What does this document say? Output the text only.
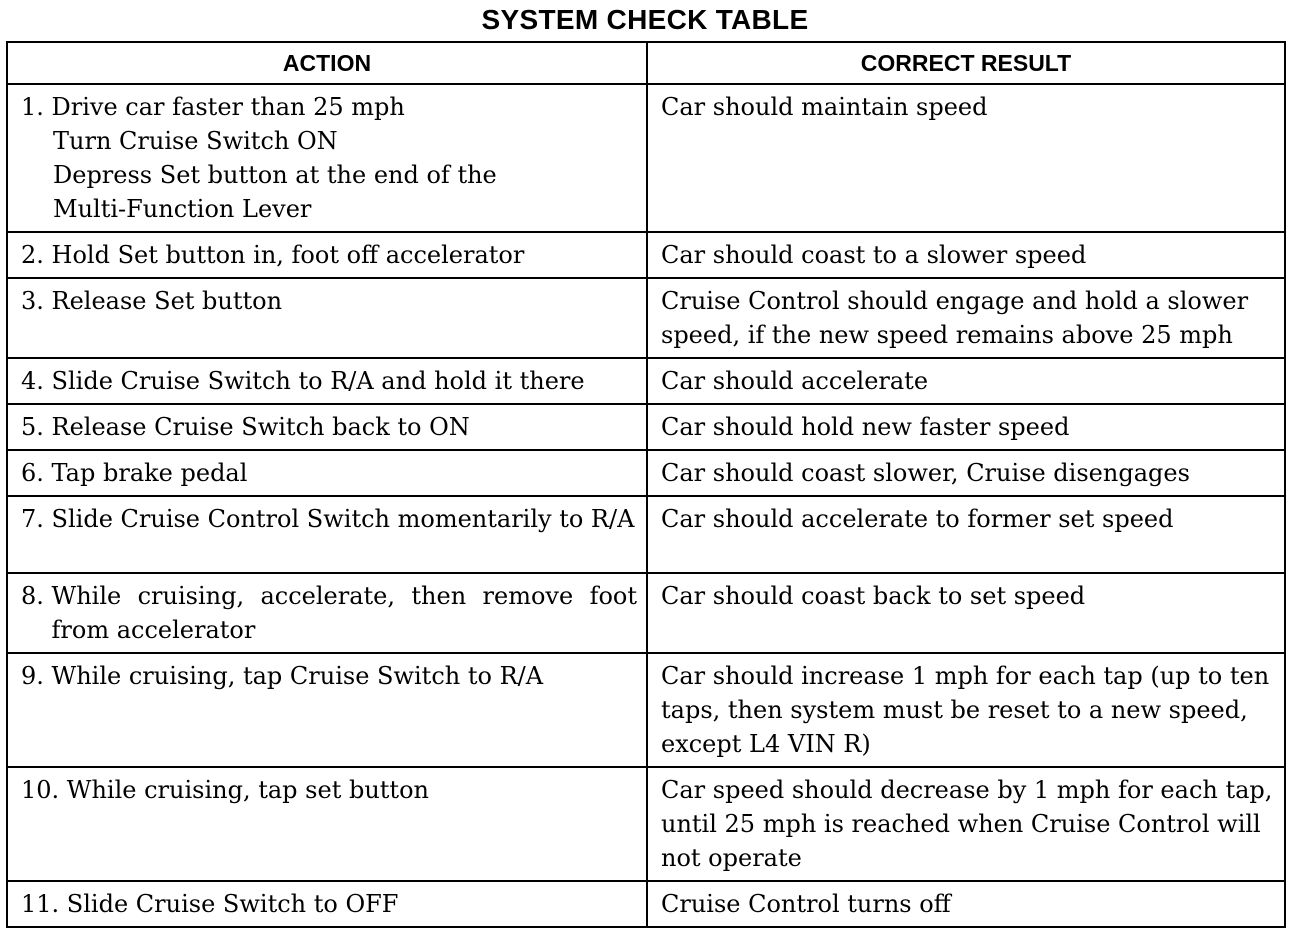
SYSTEM CHECK TABLE
ACTION	CORRECT RESULT

1. Drive car faster than 25 mph
Turn Cruise Switch ON
Depress Set button at the end of the
Multi-Function Lever	Car should maintain speed

2. Hold Set button in, foot off accelerator	Car should coast to a slower speed

3. Release Set button	Cruise Control should engage and hold a slower speed, if the new speed remains above 25 mph

4. Slide Cruise Switch to R/A and hold it there	Car should accelerate

5. Release Cruise Switch back to ON	Car should hold new faster speed

6. Tap brake pedal	Car should coast slower, Cruise disengages

7. Slide Cruise Control Switch momentarily to R/A	Car should accelerate to former set speed

8. While cruising, accelerate, then remove foot from accelerator	Car should coast back to set speed

9. While cruising, tap Cruise Switch to R/A	Car should increase 1 mph for each tap (up to ten taps, then system must be reset to a new speed, except L4 VIN R)

10. While cruising, tap set button	Car speed should decrease by 1 mph for each tap, until 25 mph is reached when Cruise Control will not operate

11. Slide Cruise Switch to OFF	Cruise Control turns off
